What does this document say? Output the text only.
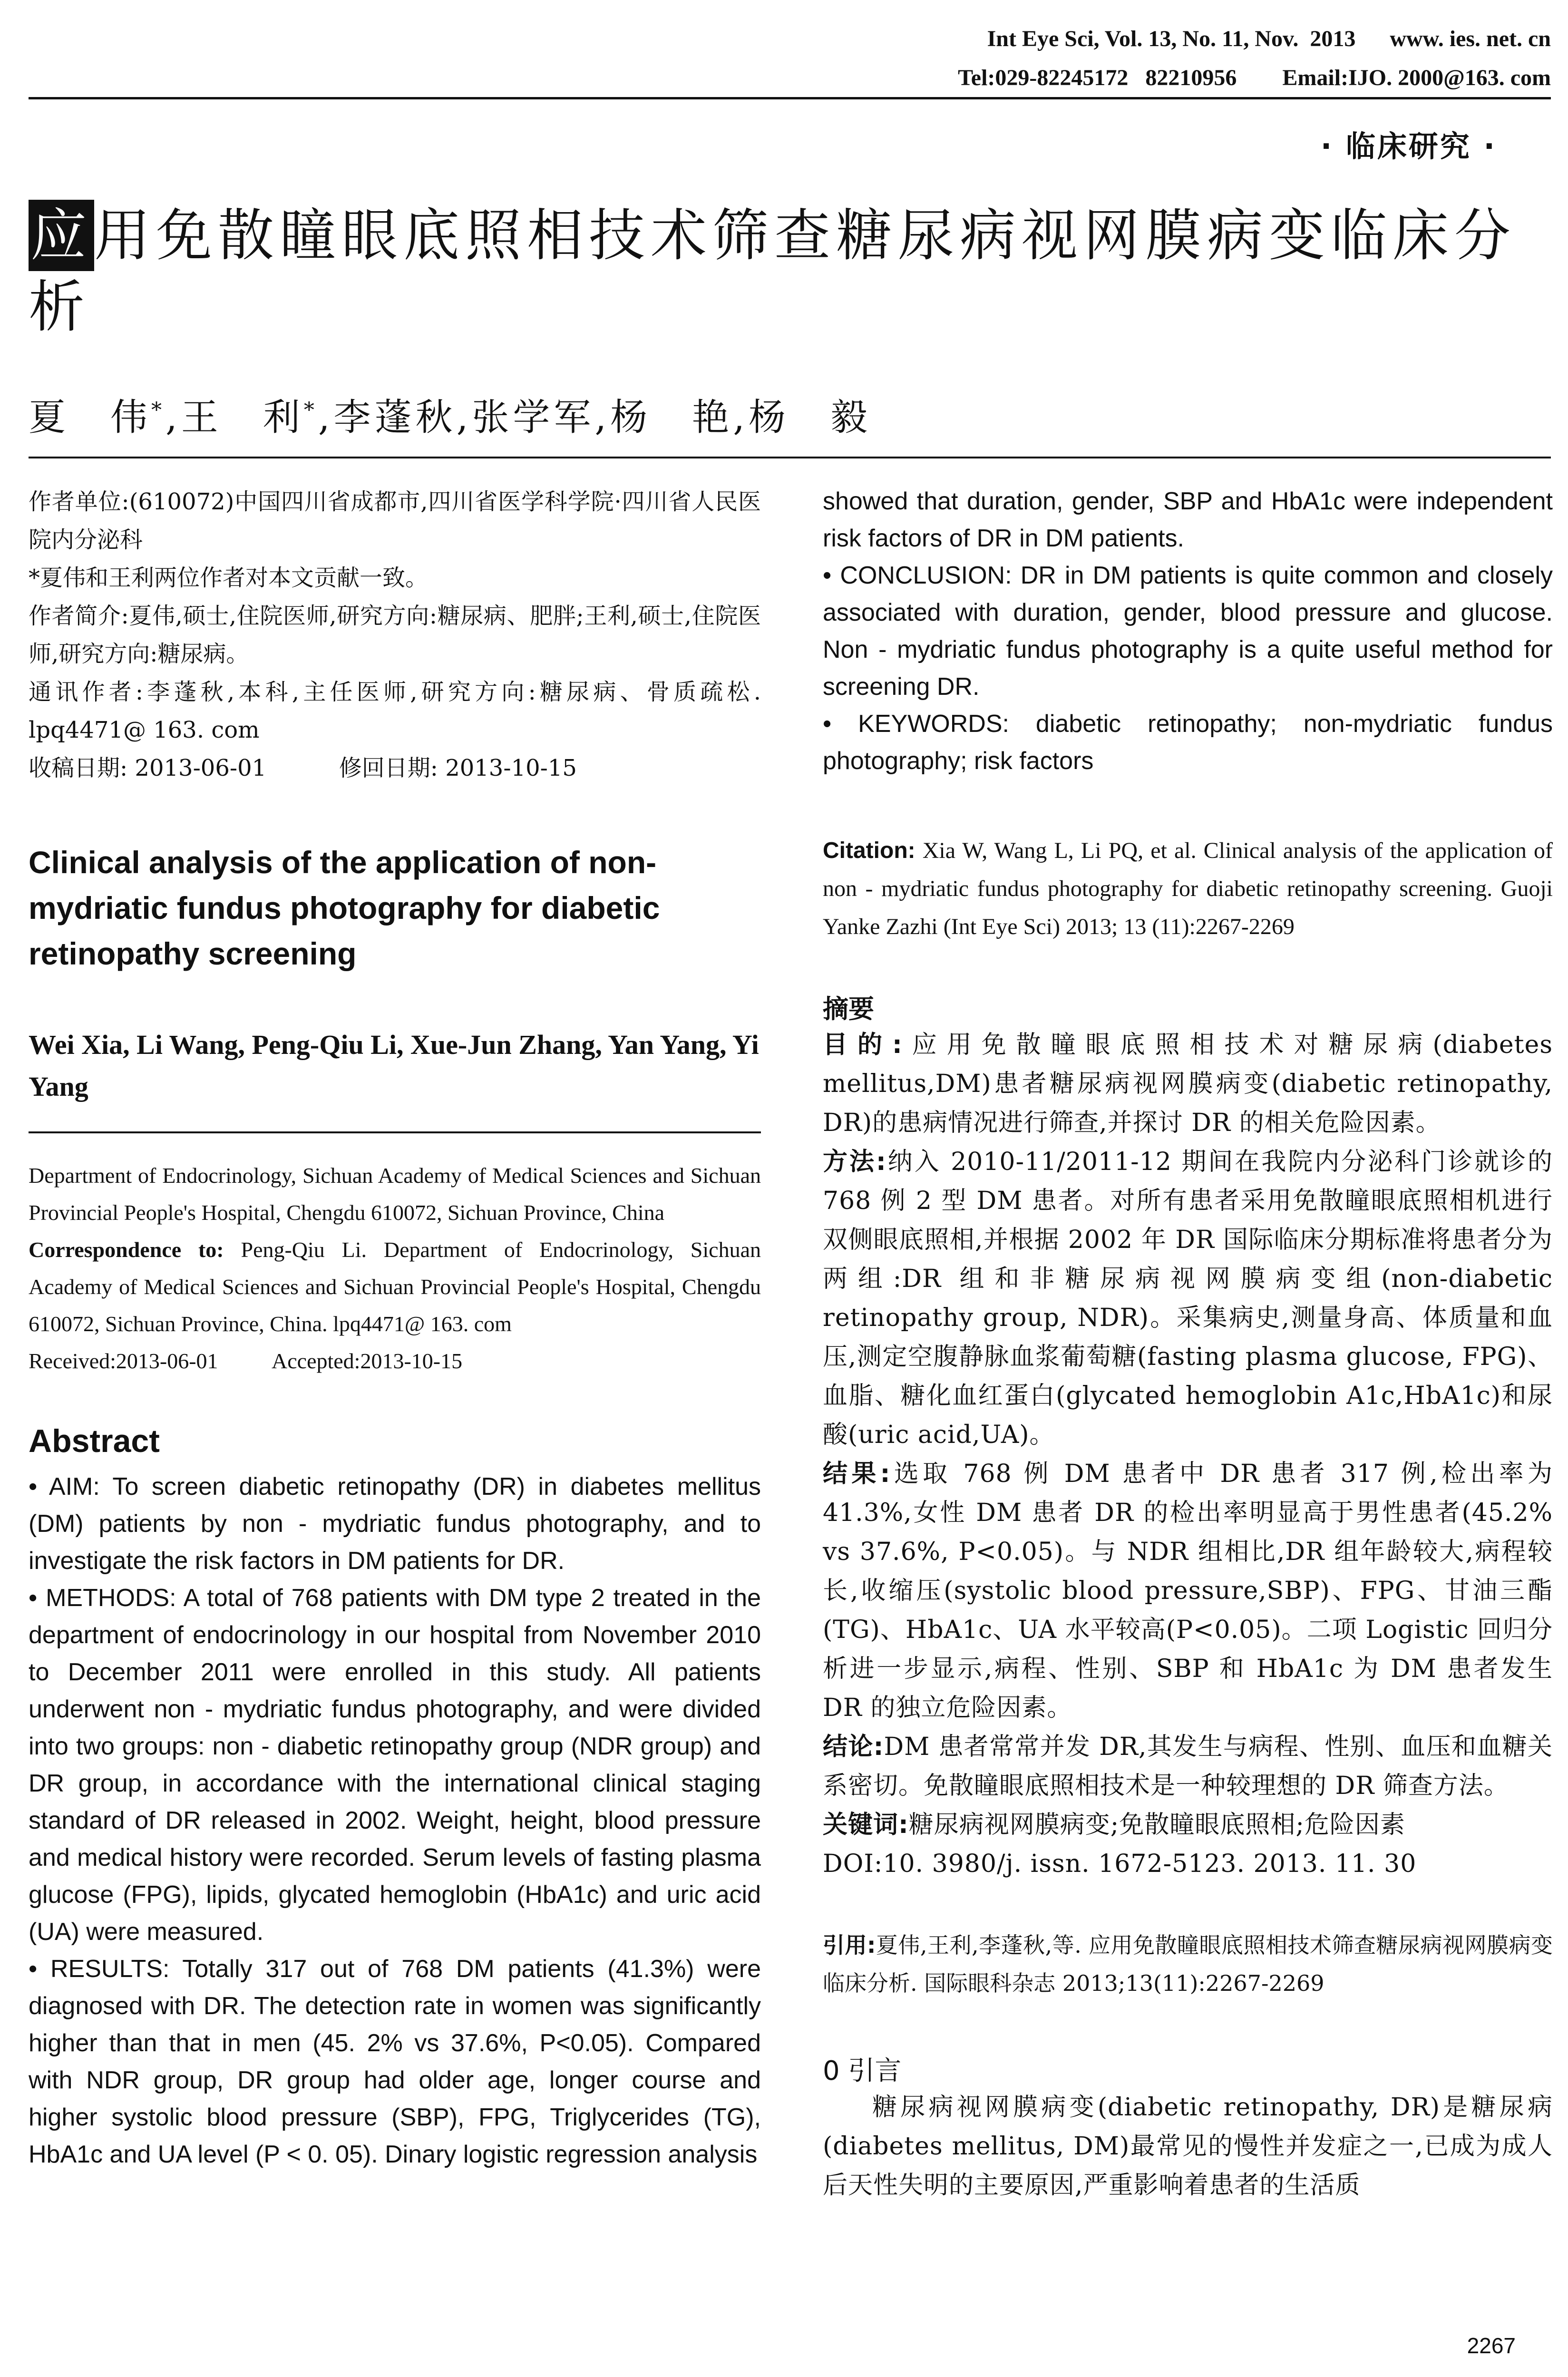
Int Eye Sci, Vol. 13, No. 11, Nov.  2013      www. ies. net. cn
Tel:029-82245172   82210956        Email:IJO. 2000@163. com
· 临床研究 ·
应用免散瞳眼底照相技术筛查糖尿病视网膜病变临床分析
夏　伟*,王　利*,李蓬秋,张学军,杨　艳,杨　毅

作者单位:(610072)中国四川省成都市,四川省医学科学院·四川省人民医院内分泌科

*夏伟和王利两位作者对本文贡献一致。

作者简介:夏伟,硕士,住院医师,研究方向:糖尿病、肥胖;王利,硕士,住院医师,研究方向:糖尿病。

通讯作者:李蓬秋,本科,主任医师,研究方向:糖尿病、骨质疏松. lpq4471@ 163. com

收稿日期: 2013-06-01          修回日期: 2013-10-15

Clinical analysis of the application of non-mydriatic fundus photography for diabetic retinopathy screening

Wei Xia, Li Wang, Peng-Qiu Li, Xue-Jun Zhang, Yan Yang, Yi Yang

Department of Endocrinology, Sichuan Academy of Medical Sciences and Sichuan Provincial People's Hospital, Chengdu 610072, Sichuan Province, China

Correspondence to: Peng-Qiu Li. Department of Endocrinology, Sichuan Academy of Medical Sciences and Sichuan Provincial People's Hospital, Chengdu 610072, Sichuan Province, China. lpq4471@ 163. com

Received:2013-06-01          Accepted:2013-10-15

Abstract

• AIM: To screen diabetic retinopathy (DR) in diabetes mellitus (DM) patients by non - mydriatic fundus photography, and to investigate the risk factors in DM patients for DR.

• METHODS: A total of 768 patients with DM type 2 treated in the department of endocrinology in our hospital from November 2010 to December 2011 were enrolled in this study. All patients underwent non - mydriatic fundus photography, and were divided into two groups: non - diabetic retinopathy group (NDR group) and DR group, in accordance with the international clinical staging standard of DR released in 2002. Weight, height, blood pressure and medical history were recorded. Serum levels of fasting plasma glucose (FPG), lipids, glycated hemoglobin (HbA1c) and uric acid (UA) were measured.

• RESULTS: Totally 317 out of 768 DM patients (41.3%) were diagnosed with DR. The detection rate in women was significantly higher than that in men (45. 2% vs 37.6%, P<0.05). Compared with NDR group, DR group had older age, longer course and higher systolic blood pressure (SBP), FPG, Triglycerides (TG), HbA1c and UA level (P < 0. 05). Dinary logistic regression analysis

showed that duration, gender, SBP and HbA1c were independent risk factors of DR in DM patients.

• CONCLUSION: DR in DM patients is quite common and closely associated with duration, gender, blood pressure and glucose. Non - mydriatic fundus photography is a quite useful method for screening DR.

• KEYWORDS: diabetic retinopathy; non-mydriatic fundus photography; risk factors

Citation: Xia W, Wang L, Li PQ, et al. Clinical analysis of the application of non - mydriatic fundus photography for diabetic retinopathy screening. Guoji Yanke Zazhi (Int Eye Sci) 2013; 13 (11):2267-2269

摘要

目的:应用免散瞳眼底照相技术对糖尿病(diabetes mellitus,DM)患者糖尿病视网膜病变(diabetic retinopathy, DR)的患病情况进行筛查,并探讨 DR 的相关危险因素。

方法:纳入 2010-11/2011-12 期间在我院内分泌科门诊就诊的 768 例 2 型 DM 患者。对所有患者采用免散瞳眼底照相机进行双侧眼底照相,并根据 2002 年 DR 国际临床分期标准将患者分为两组:DR 组和非糖尿病视网膜病变组(non-diabetic retinopathy group, NDR)。采集病史,测量身高、体质量和血压,测定空腹静脉血浆葡萄糖(fasting plasma glucose, FPG)、血脂、糖化血红蛋白(glycated hemoglobin A1c,HbA1c)和尿酸(uric acid,UA)。

结果:选取 768 例 DM 患者中 DR 患者 317 例,检出率为 41.3%,女性 DM 患者 DR 的检出率明显高于男性患者(45.2% vs 37.6%, P<0.05)。与 NDR 组相比,DR 组年龄较大,病程较长,收缩压(systolic blood pressure,SBP)、FPG、甘油三酯(TG)、HbA1c、UA 水平较高(P<0.05)。二项 Logistic 回归分析进一步显示,病程、性别、SBP 和 HbA1c 为 DM 患者发生 DR 的独立危险因素。

结论:DM 患者常常并发 DR,其发生与病程、性别、血压和血糖关系密切。免散瞳眼底照相技术是一种较理想的 DR 筛查方法。

关键词:糖尿病视网膜病变;免散瞳眼底照相;危险因素

DOI:10. 3980/j. issn. 1672-5123. 2013. 11. 30

引用:夏伟,王利,李蓬秋,等. 应用免散瞳眼底照相技术筛查糖尿病视网膜病变临床分析. 国际眼科杂志 2013;13(11):2267-2269

0 引言

糖尿病视网膜病变(diabetic retinopathy, DR)是糖尿病(diabetes mellitus, DM)最常见的慢性并发症之一,已成为成人后天性失明的主要原因,严重影响着患者的生活质

2267
